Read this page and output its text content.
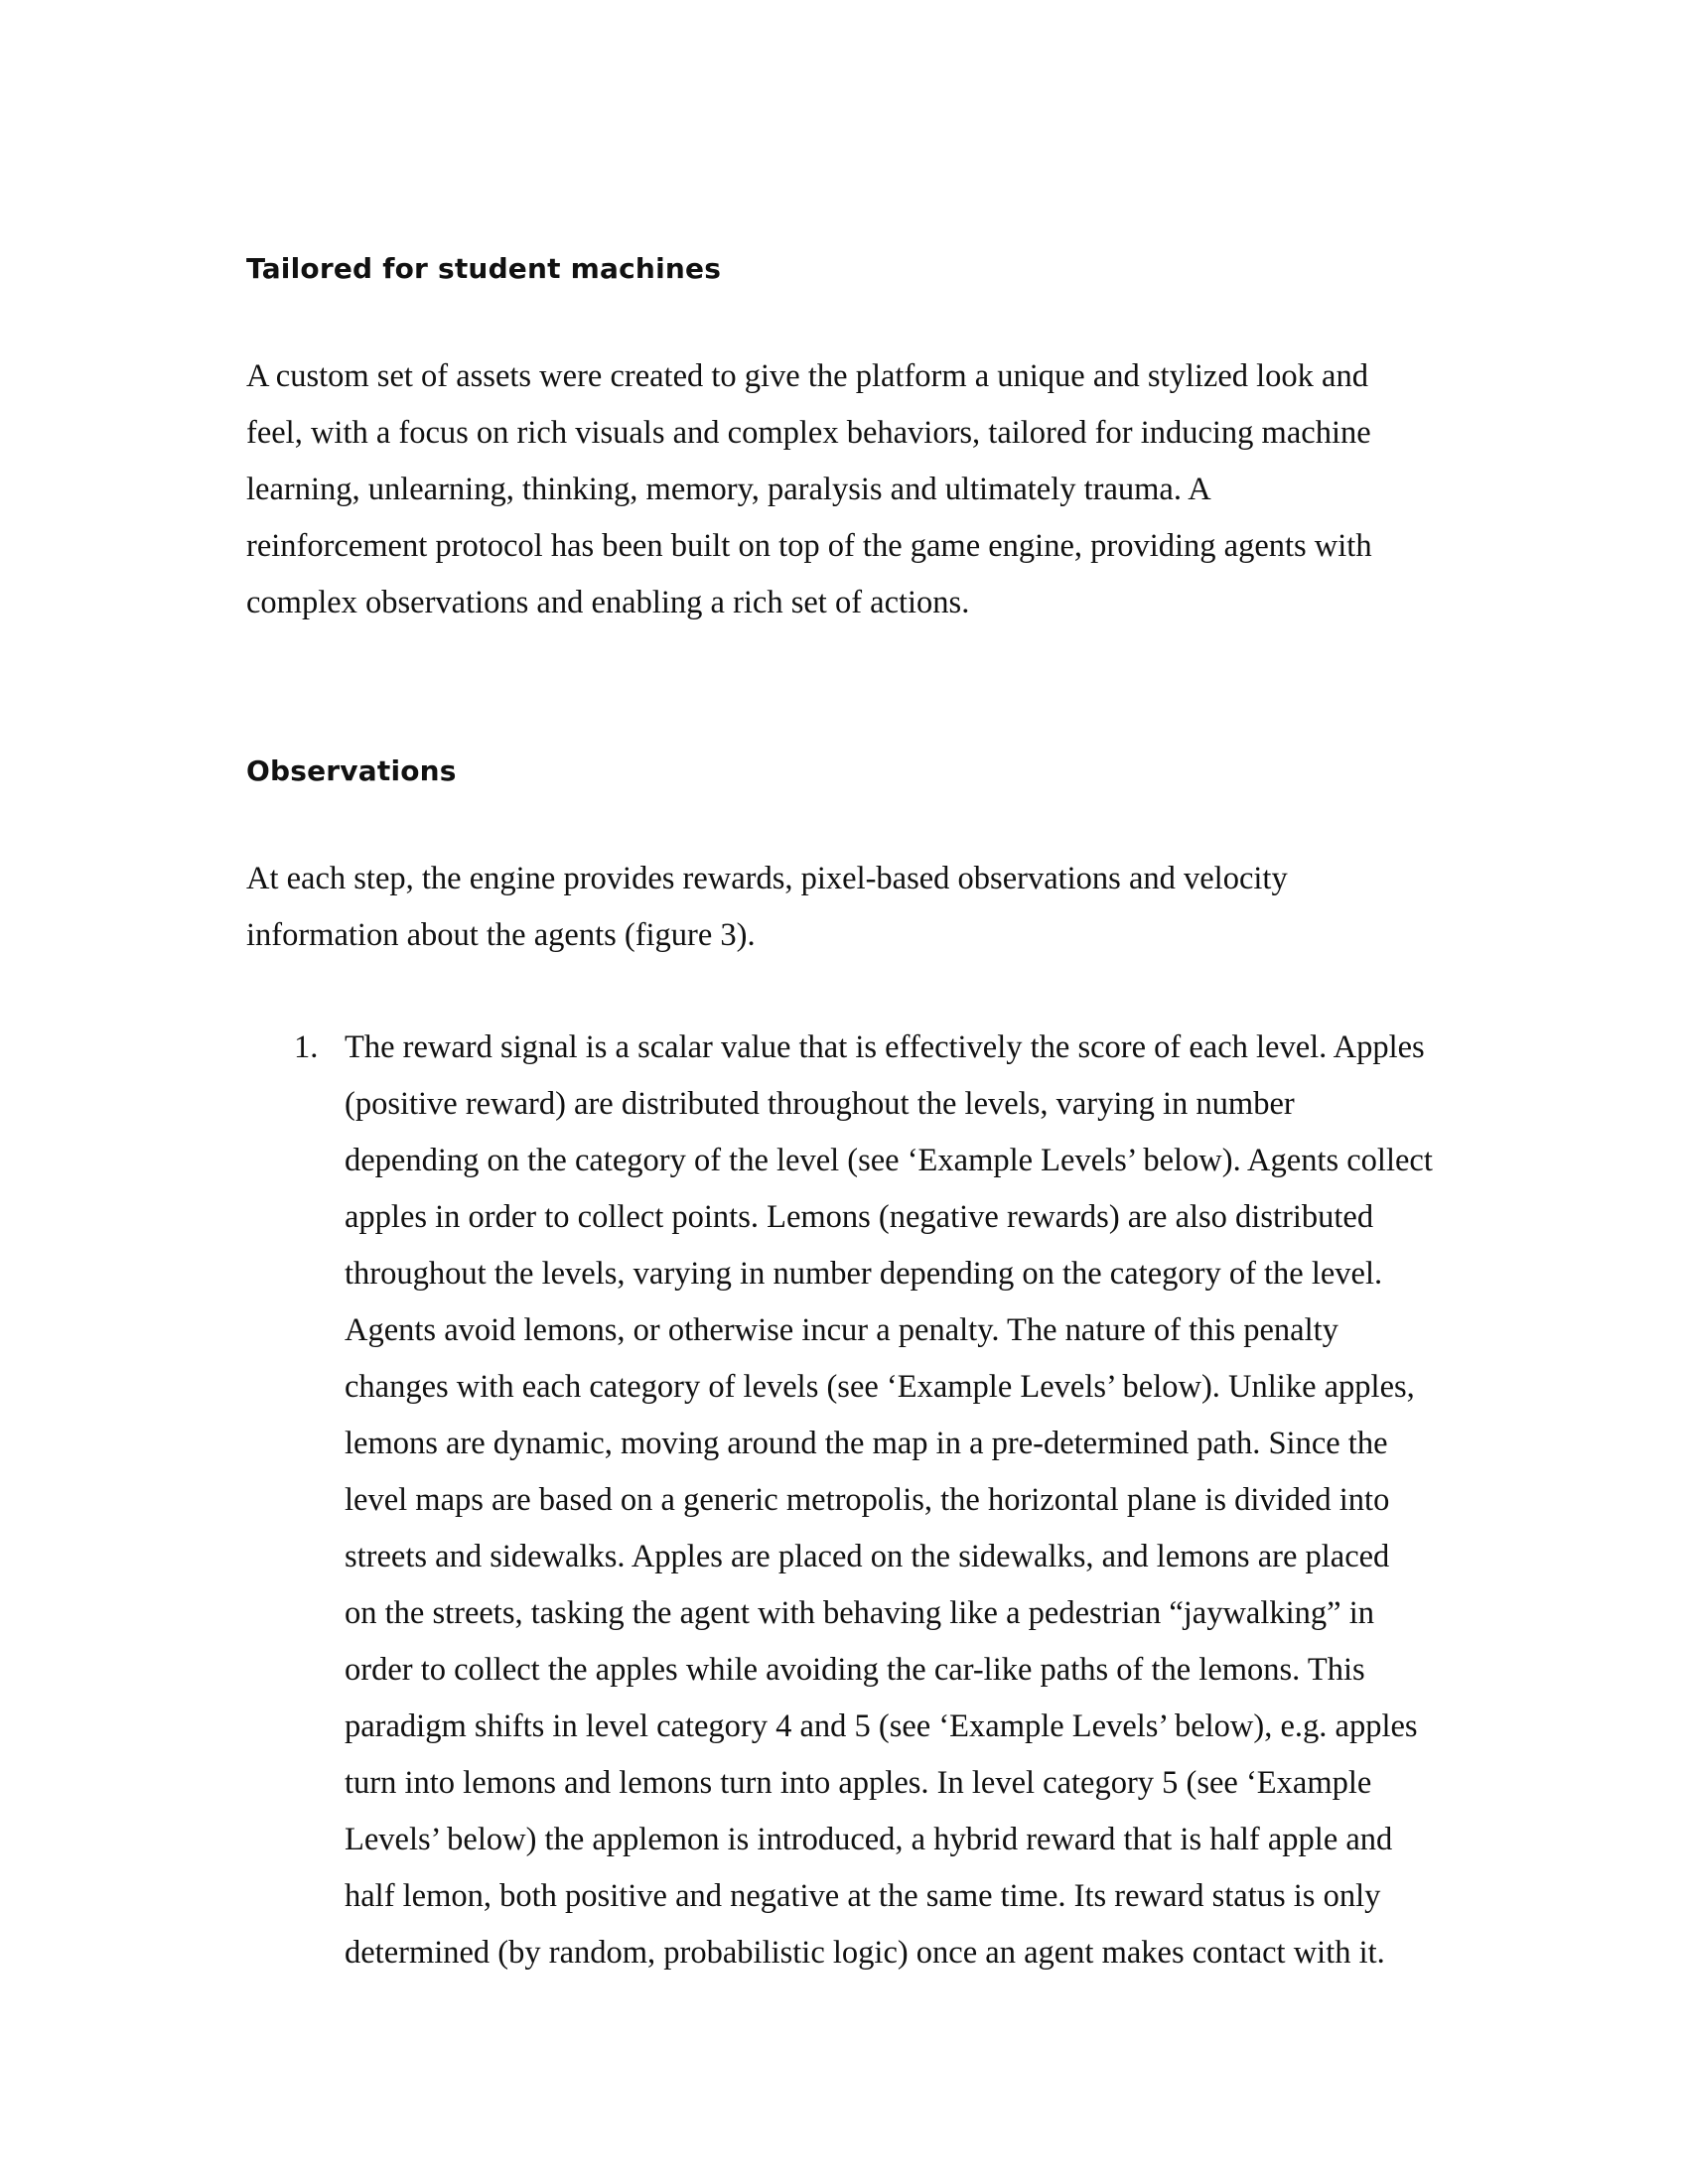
Tailored for student machines

A custom set of assets were created to give the platform a unique and stylized look and

feel, with a focus on rich visuals and complex behaviors, tailored for inducing machine

learning, unlearning, thinking, memory, paralysis and ultimately trauma. A

reinforcement protocol has been built on top of the game engine, providing agents with

complex observations and enabling a rich set of actions.

Observations

At each step, the engine provides rewards, pixel-based observations and velocity

information about the agents (figure 3).

1. The reward signal is a scalar value that is effectively the score of each level. Apples

(positive reward) are distributed throughout the levels, varying in number

depending on the category of the level (see ‘Example Levels’ below). Agents collect

apples in order to collect points. Lemons (negative rewards) are also distributed

throughout the levels, varying in number depending on the category of the level.

Agents avoid lemons, or otherwise incur a penalty. The nature of this penalty

changes with each category of levels (see ‘Example Levels’ below). Unlike apples,

lemons are dynamic, moving around the map in a pre-determined path. Since the

level maps are based on a generic metropolis, the horizontal plane is divided into

streets and sidewalks. Apples are placed on the sidewalks, and lemons are placed

on the streets, tasking the agent with behaving like a pedestrian “jaywalking” in

order to collect the apples while avoiding the car-like paths of the lemons. This

paradigm shifts in level category 4 and 5 (see ‘Example Levels’ below), e.g. apples

turn into lemons and lemons turn into apples. In level category 5 (see ‘Example

Levels’ below) the applemon is introduced, a hybrid reward that is half apple and

half lemon, both positive and negative at the same time. Its reward status is only

determined (by random, probabilistic logic) once an agent makes contact with it.
